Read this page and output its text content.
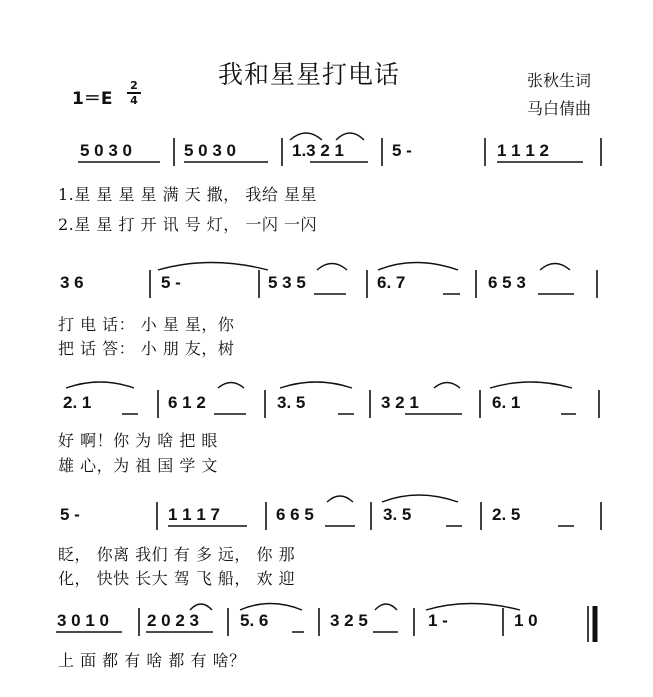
我和星星打电话
1＝E
2
4
张秋生词
马白倩曲
5 0 3 0	5 0 3 0	1.3 2 1	5 -	1 1 1 2
1.星 星 星 星 满 天 撒， 我给 星星
2.星 星 打 开 讯 号 灯， 一闪 一闪
3 6	5 -	5 3 5	6. 7	6 5 3
打 电 话： 小 星 星，你
把 话 答： 小 朋 友，树
2. 1	6 1 2	3. 5	3 2 1	6. 1
好 啊！你 为 啥 把 眼
雄 心，为 祖 国 学 文
5 -	1 1 1 7	6 6 5	3. 5	2. 5
眨， 你离 我们 有 多 远， 你 那
化， 快快 长大 驾 飞 船， 欢 迎
3 0 1 0 2 0 2 3 5. 6	3 2 5	1 -	1 0
上 面 都 有 啥 都 有 啥？
